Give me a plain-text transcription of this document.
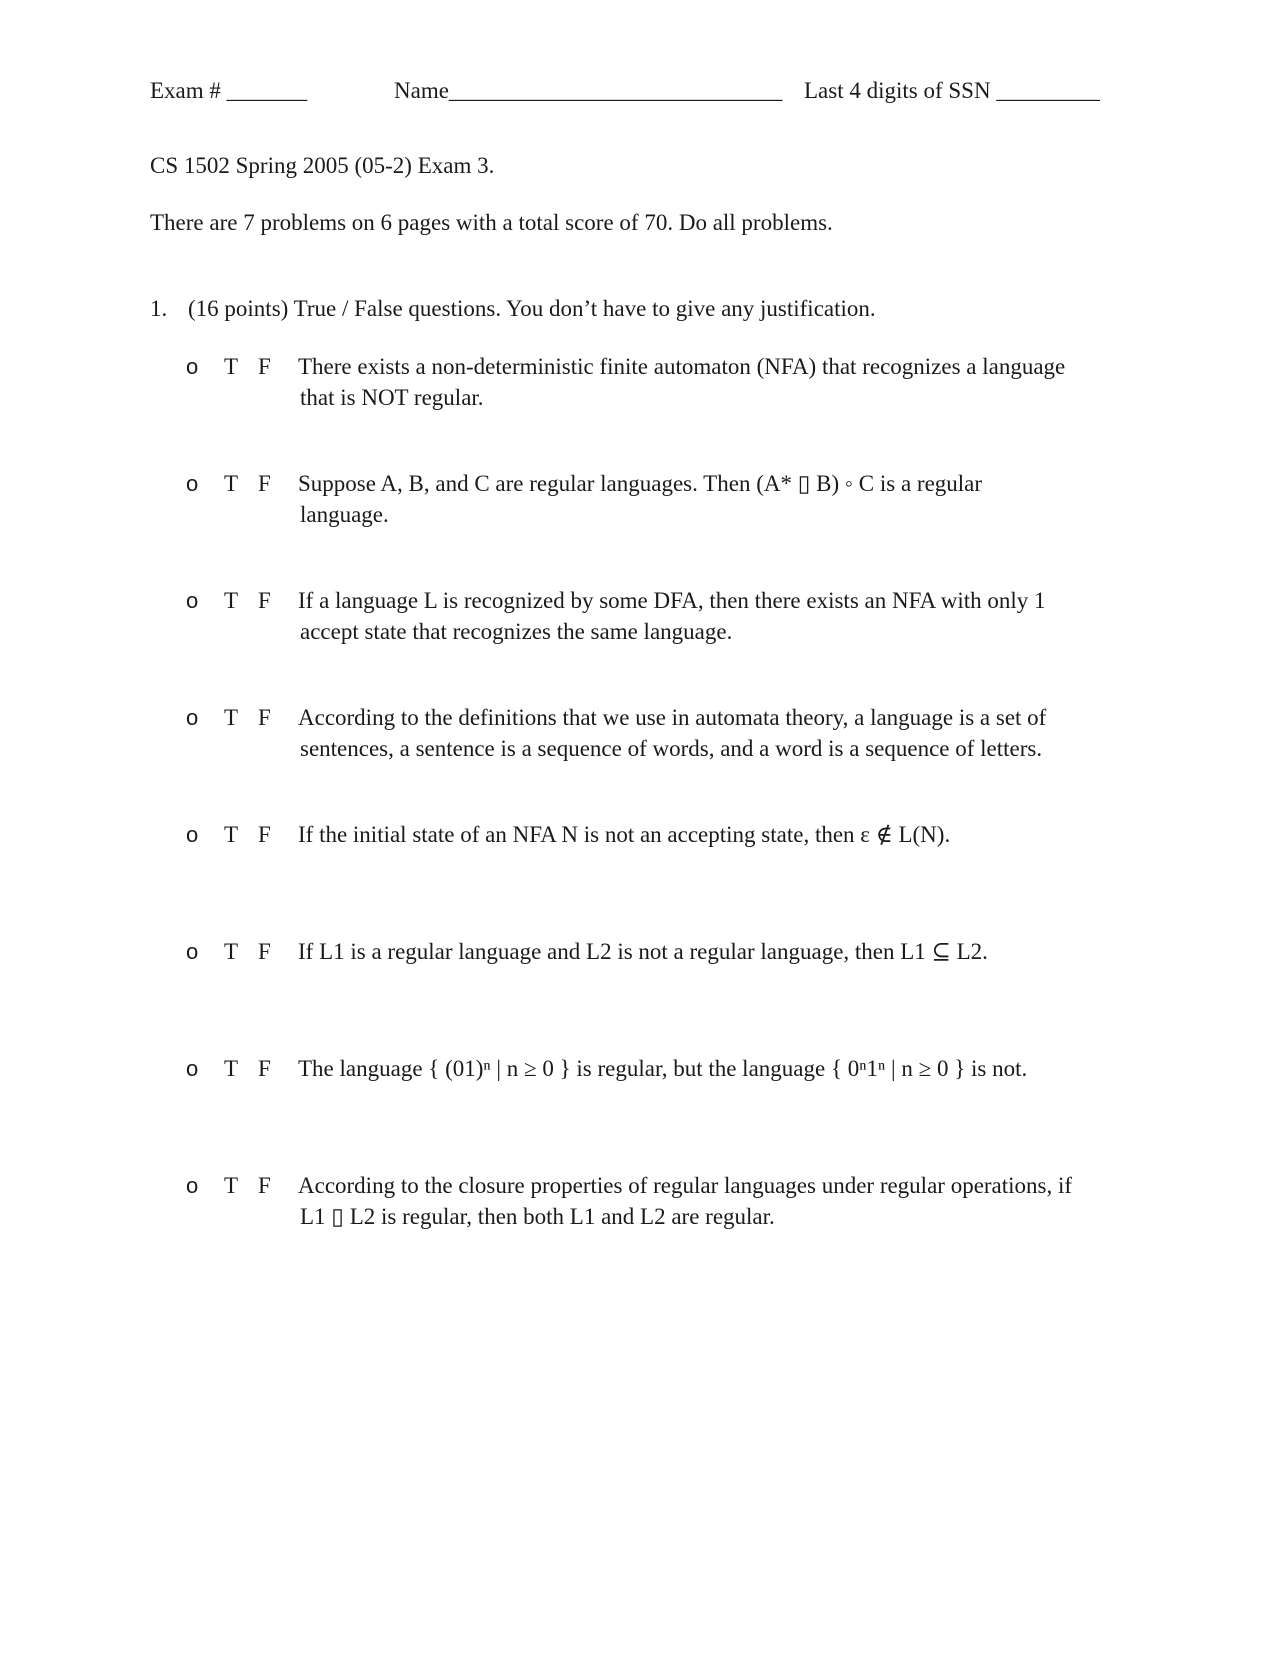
Exam # _______	Name_____________________________ Last 4 digits of SSN _________
CS 1502 Spring 2005 (05-2) Exam 3.
There are 7 problems on 6 pages with a total score of 70. Do all problems.
1. (16 points) True / False questions. You don’t have to give any justification.
o T F There exists a non-deterministic finite automaton (NFA) that recognizes a language
that is NOT regular.
o T F Suppose A, B, and C are regular languages. Then (A* ▯ B) ◦ C is a regular
language.
o T F If a language L is recognized by some DFA, then there exists an NFA with only 1
accept state that recognizes the same language.
o T F According to the definitions that we use in automata theory, a language is a set of
sentences, a sentence is a sequence of words, and a word is a sequence of letters.
o T F If the initial state of an NFA N is not an accepting state, then ε ∉ L(N).
o T F If L1 is a regular language and L2 is not a regular language, then L1 ⊆ L2.
o T F The language { (01)ⁿ | n ≥ 0 } is regular, but the language { 0ⁿ1ⁿ | n ≥ 0 } is not.
o T F According to the closure properties of regular languages under regular operations, if
L1 ▯ L2 is regular, then both L1 and L2 are regular.
